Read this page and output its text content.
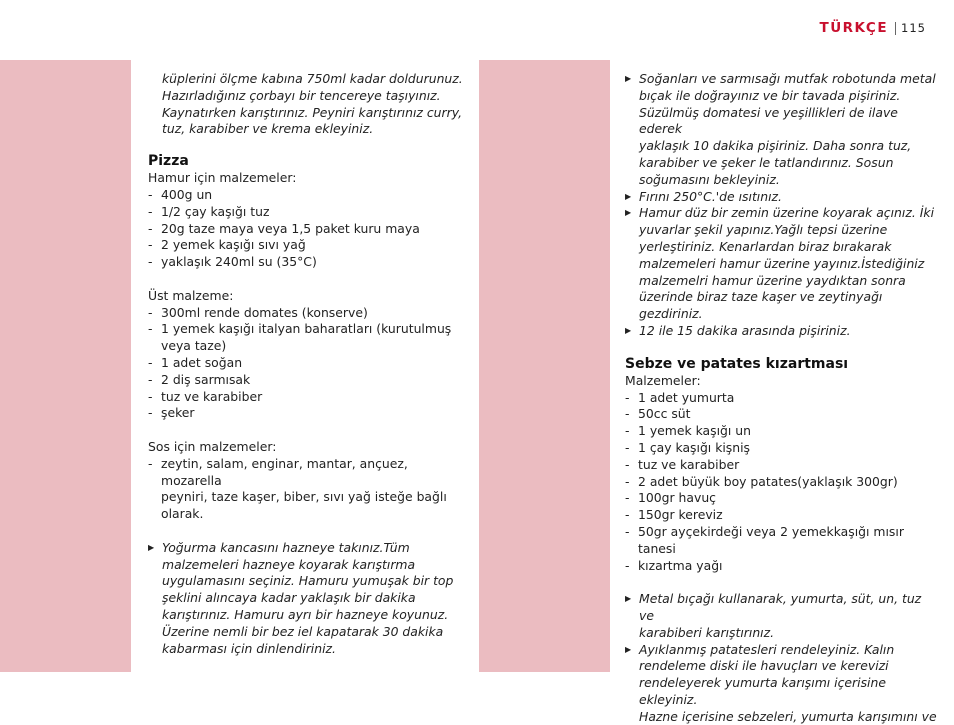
TÜRKÇE 115

küplerini ölçme kabına 750ml kadar doldurunuz.

Hazırladığınız çorbayı bir tencereye taşıyınız.

Kaynatırken karıştırınız. Peyniri karıştırınız curry,

tuz, karabiber ve krema ekleyiniz.

Pizza

Hamur için malzemeler:

- 400g un

- 1/2 çay kaşığı tuz

- 20g taze maya veya 1,5 paket kuru maya

- 2 yemek kaşığı sıvı yağ

- yaklaşık 240ml su (35°C)

Üst malzeme:

- 300ml rende domates (konserve)

- 1 yemek kaşığı italyan baharatları (kurutulmuş

veya taze)

- 1 adet soğan

- 2 diş sarmısak

- tuz ve karabiber

- şeker

Sos için malzemeler:

- zeytin, salam, enginar, mantar, ançuez, mozarella

peyniri, taze kaşer, biber, sıvı yağ isteğe bağlı

olarak.

▶ Yoğurma kancasını hazneye takınız.Tüm

malzemeleri hazneye koyarak karıştırma

uygulamasını seçiniz. Hamuru yumuşak bir top

şeklini alıncaya kadar yaklaşık bir dakika

karıştırınız. Hamuru ayrı bir hazneye koyunuz.

Üzerine nemli bir bez iel kapatarak 30 dakika

kabarması için dinlendiriniz.

▶ Soğanları ve sarmısağı mutfak robotunda metal

bıçak ile doğrayınız ve bir tavada pişiriniz.

Süzülmüş domatesi ve yeşillikleri de ilave ederek

yaklaşık 10 dakika pişiriniz. Daha sonra tuz,

karabiber ve şeker le tatlandırınız. Sosun

soğumasını bekleyiniz.

▶ Fırını 250°C.'de ısıtınız.

▶ Hamur düz bir zemin üzerine koyarak açınız. İki

yuvarlar şekil yapınız.Yağlı tepsi üzerine

yerleştiriniz. Kenarlardan biraz bırakarak

malzemeleri hamur üzerine yayınız.İstediğiniz

malzemelri hamur üzerine yaydıktan sonra

üzerinde biraz taze kaşer ve zeytinyağı gezdiriniz.

▶ 12 ile 15 dakika arasında pişiriniz.

Sebze ve patates kızartması

Malzemeler:

- 1 adet yumurta

- 50cc süt

- 1 yemek kaşığı un

- 1 çay kaşığı kişniş

- tuz ve karabiber

- 2 adet büyük boy patates(yaklaşık 300gr)

- 100gr havuç

- 150gr kereviz

- 50gr ayçekirdeği veya 2 yemekkaşığı mısır tanesi

- kızartma yağı

▶ Metal bıçağı kullanarak, yumurta, süt, un, tuz ve

karabiberi karıştırınız.

▶ Ayıklanmış patatesleri rendeleyiniz. Kalın

rendeleme diski ile havuçları ve kerevizi

rendeleyerek yumurta karışımı içerisine ekleyiniz.

Hazne içerisine sebzeleri, yumurta karışımını ve
